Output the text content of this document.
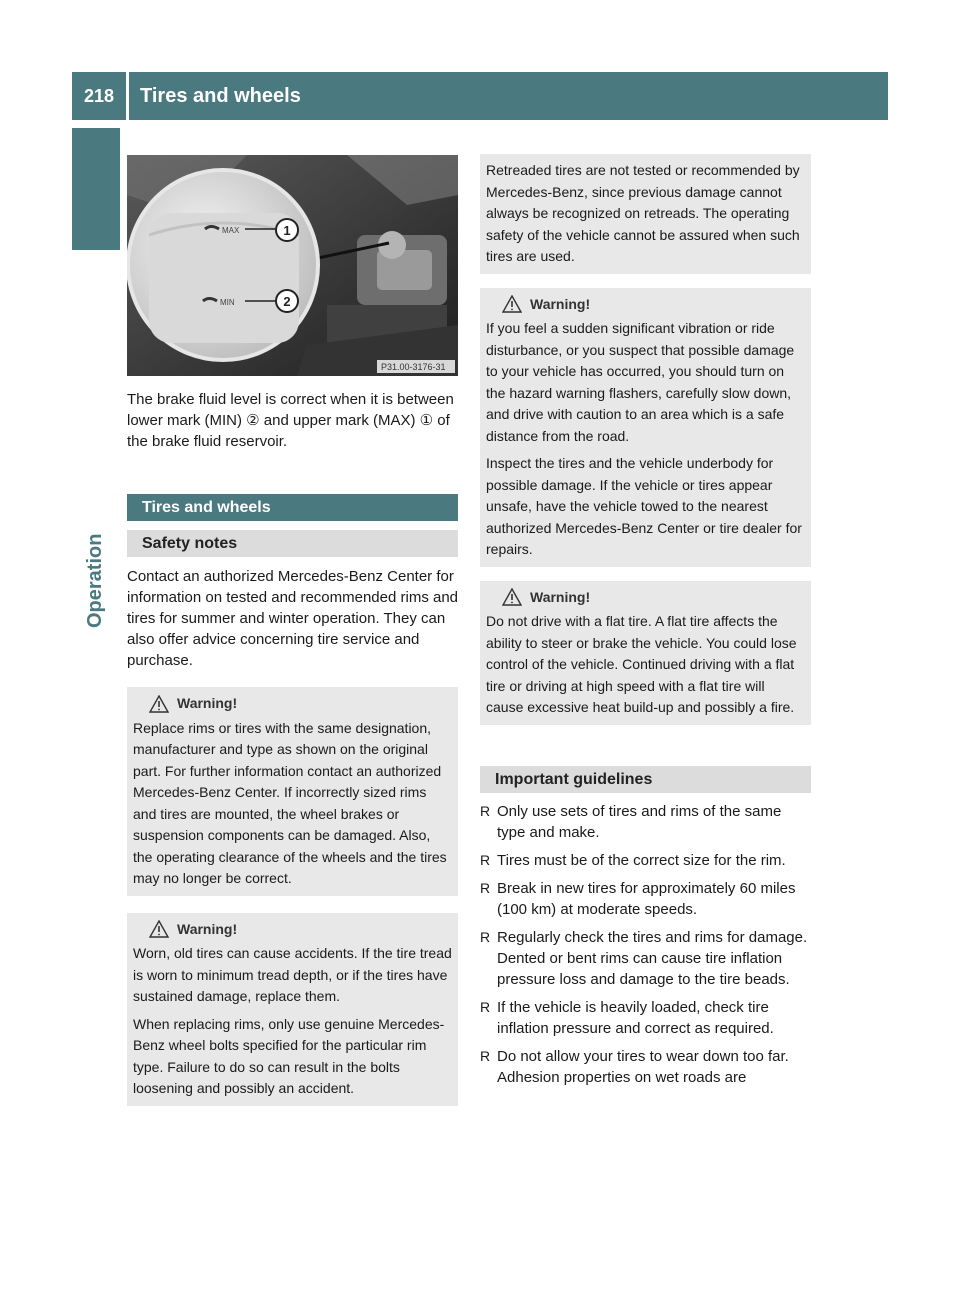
218	Tires and wheels
Operation
MAX
MIN
1
2
P31.00-3176-31

The brake fluid level is correct when it is between lower mark (MIN) ② and upper mark (MAX) ① of the brake fluid reservoir.

Tires and wheels
Safety notes

Contact an authorized Mercedes-Benz Center for information on tested and recommended rims and tires for summer and winter operation. They can also offer advice concerning tire service and purchase.

Warning!

Replace rims or tires with the same designation, manufacturer and type as shown on the original part. For further information contact an authorized Mercedes-Benz Center. If incorrectly sized rims and tires are mounted, the wheel brakes or suspension components can be damaged. Also, the operating clearance of the wheels and the tires may no longer be correct.

Warning!

Worn, old tires can cause accidents. If the tire tread is worn to minimum tread depth, or if the tires have sustained damage, replace them.

When replacing rims, only use genuine Mercedes-Benz wheel bolts specified for the particular rim type. Failure to do so can result in the bolts loosening and possibly an accident.

Retreaded tires are not tested or recommended by Mercedes-Benz, since previous damage cannot always be recognized on retreads. The operating safety of the vehicle cannot be assured when such tires are used.

Warning!

If you feel a sudden significant vibration or ride disturbance, or you suspect that possible damage to your vehicle has occurred, you should turn on the hazard warning flashers, carefully slow down, and drive with caution to an area which is a safe distance from the road.

Inspect the tires and the vehicle underbody for possible damage. If the vehicle or tires appear unsafe, have the vehicle towed to the nearest authorized Mercedes-Benz Center or tire dealer for repairs.

Warning!

Do not drive with a flat tire. A flat tire affects the ability to steer or brake the vehicle. You could lose control of the vehicle. Continued driving with a flat tire or driving at high speed with a flat tire will cause excessive heat build-up and possibly a fire.

Important guidelines
R Only use sets of tires and rims of the same type and make.
R Tires must be of the correct size for the rim.
R Break in new tires for approximately 60 miles (100 km) at moderate speeds.
R Regularly check the tires and rims for damage. Dented or bent rims can cause tire inflation pressure loss and damage to the tire beads.
R If the vehicle is heavily loaded, check tire inflation pressure and correct as required.
R Do not allow your tires to wear down too far. Adhesion properties on wet roads are
